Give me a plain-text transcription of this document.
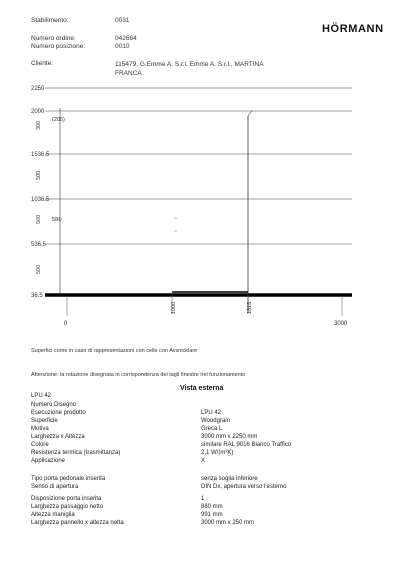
HÖRMANN
Stabilimento:	0031
Numero ordine:	042664
Numero posizione:	0010
Cliente:	115479, G.Emme A. S.r.l. Emme A. S.r.l., MARTINA FRANCA
2250
2000
1536.5
1036.5
536.5
36.5
300
500
500
500
(205)
501
0	3000
1000	1815
Superfici come in caso di rappresentazioni con celle con Avsnicklare
Attenzione: la rotazione disegnata in corrispondenza dei tagli finestre nel funzionamento
Vista esterna
LPU 42
Numero Disegno
Esecuzione prodotto	LPU 42
Superficie	Woodgrain
Motiva	Greca L
Larghezza x Altezza	3000 mm x 2250 mm
Colore	similare RAL 9016 Bianco Traffico
Resistenza termica (trasmittanza)	2,1 W/(m²K)
Applicazione	X
Tipo porta pedonale inserita	senza soglia inferiore
Senso di apertura	DIN Dx, apertura verso l'esterno
Disposizione porta inserita	1
Larghezza passaggio netto	880 mm
Altezza maniglia	991 mm
Larghezza pannello x altezza netta	3000 mm x 250 mm
